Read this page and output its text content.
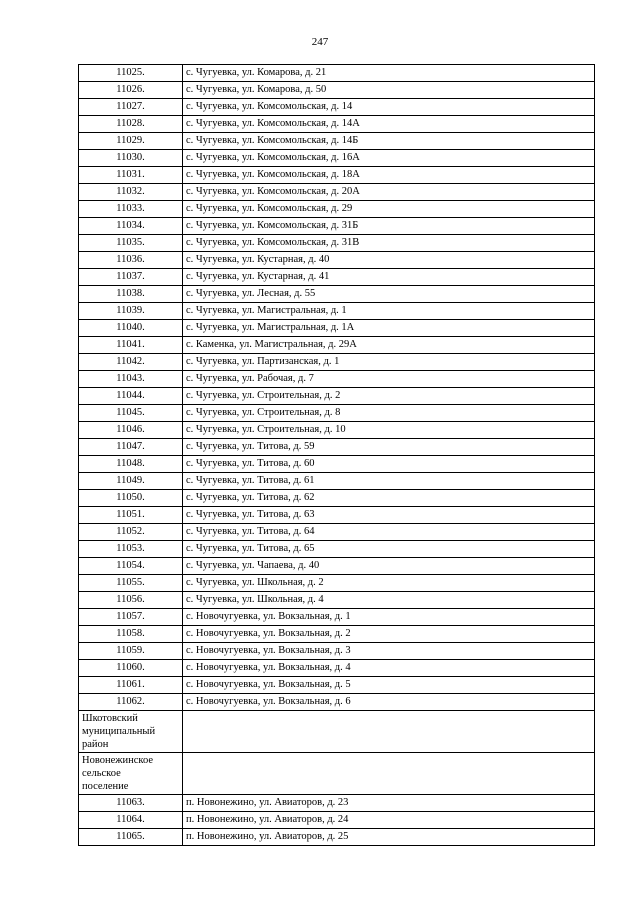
247
11025.	с. Чугуевка, ул. Комарова, д. 21
11026.	с. Чугуевка, ул. Комарова, д. 50
11027.	с. Чугуевка, ул. Комсомольская, д. 14
11028.	с. Чугуевка, ул. Комсомольская, д. 14А
11029.	с. Чугуевка, ул. Комсомольская, д. 14Б
11030.	с. Чугуевка, ул. Комсомольская, д. 16А
11031.	с. Чугуевка, ул. Комсомольская, д. 18А
11032.	с. Чугуевка, ул. Комсомольская, д. 20А
11033.	с. Чугуевка, ул. Комсомольская, д. 29
11034.	с. Чугуевка, ул. Комсомольская, д. 31Б
11035.	с. Чугуевка, ул. Комсомольская, д. 31В
11036.	с. Чугуевка, ул. Кустарная, д. 40
11037.	с. Чугуевка, ул. Кустарная, д. 41
11038.	с. Чугуевка, ул. Лесная, д. 55
11039.	с. Чугуевка, ул. Магистральная, д. 1
11040.	с. Чугуевка, ул. Магистральная, д. 1А
11041.	с. Каменка, ул. Магистральная, д. 29А
11042.	с. Чугуевка, ул. Партизанская, д. 1
11043.	с. Чугуевка, ул. Рабочая, д. 7
11044.	с. Чугуевка, ул. Строительная, д. 2
11045.	с. Чугуевка, ул. Строительная, д. 8
11046.	с. Чугуевка, ул. Строительная, д. 10
11047.	с. Чугуевка, ул. Титова, д. 59
11048.	с. Чугуевка, ул. Титова, д. 60
11049.	с. Чугуевка, ул. Титова, д. 61
11050.	с. Чугуевка, ул. Титова, д. 62
11051.	с. Чугуевка, ул. Титова, д. 63
11052.	с. Чугуевка, ул. Титова, д. 64
11053.	с. Чугуевка, ул. Титова, д. 65
11054.	с. Чугуевка, ул. Чапаева, д. 40
11055.	с. Чугуевка, ул. Школьная, д. 2
11056.	с. Чугуевка, ул. Школьная, д. 4
11057.	с. Новочугуевка, ул. Вокзальная, д. 1
11058.	с. Новочугуевка, ул. Вокзальная, д. 2
11059.	с. Новочугуевка, ул. Вокзальная, д. 3
11060.	с. Новочугуевка, ул. Вокзальная, д. 4
11061.	с. Новочугуевка, ул. Вокзальная, д. 5
11062.	с. Новочугуевка, ул. Вокзальная, д. 6

Шкотовский
муниципальный
район	

Новонежинское
сельское
поселение	

11063.	п. Новонежино, ул. Авиаторов, д. 23
11064.	п. Новонежино, ул. Авиаторов, д. 24
11065.	п. Новонежино, ул. Авиаторов, д. 25
